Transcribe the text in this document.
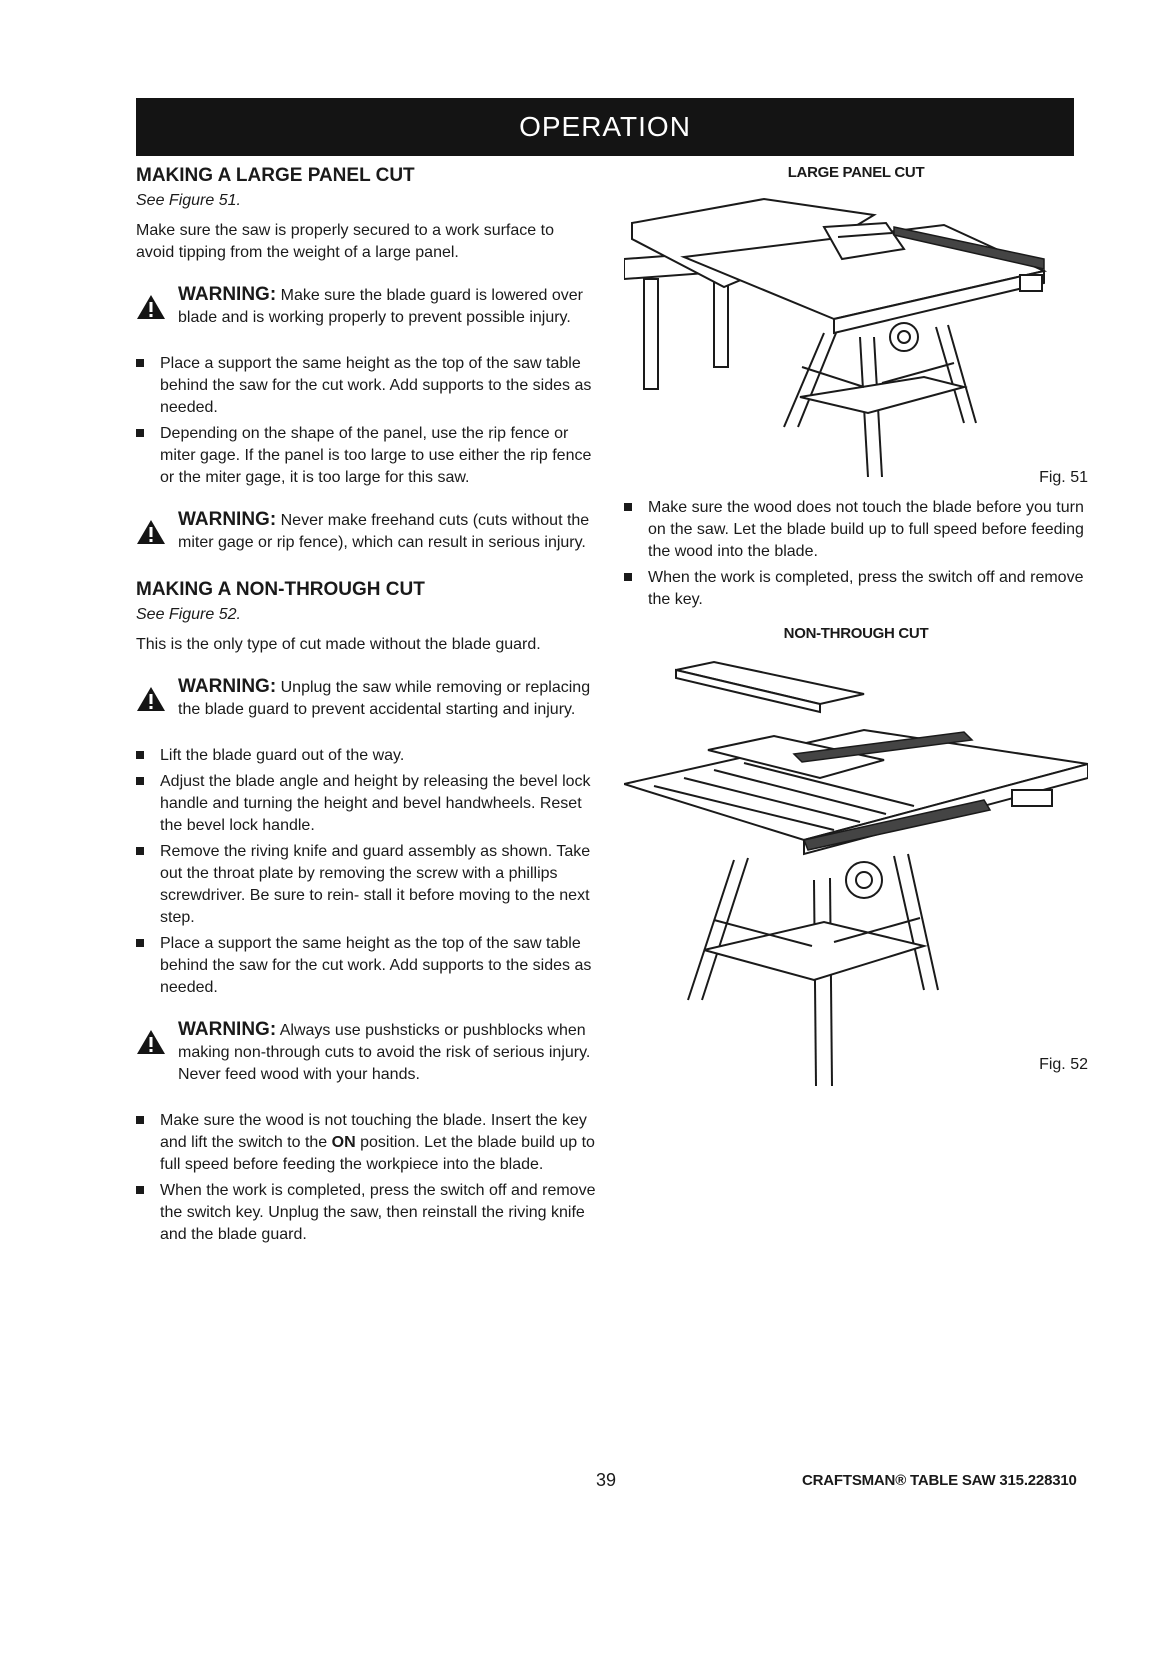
OPERATION
MAKING A LARGE PANEL CUT
See Figure 51.

Make sure the saw is properly secured to a work surface to avoid tipping from the weight of a large panel.

WARNING: Make sure the blade guard is lowered over blade and is working properly to prevent possible injury.
Place a support the same height as the top of the saw table behind the saw for the cut work. Add supports to the sides as needed.
Depending on the shape of the panel, use the rip fence or miter gage. If the panel is too large to use either the rip fence or the miter gage, it is too large for this saw.
WARNING: Never make freehand cuts (cuts without the miter gage or rip fence), which can result in serious injury.
MAKING A NON-THROUGH CUT
See Figure 52.

This is the only type of cut made without the blade guard.

WARNING: Unplug the saw while removing or replacing the blade guard to prevent accidental starting and injury.
Lift the blade guard out of the way.
Adjust the blade angle and height by releasing the bevel lock handle and turning the height and bevel handwheels. Reset the bevel lock handle.
Remove the riving knife and guard assembly as shown. Take out the throat plate by removing the screw with a phillips screwdriver. Be sure to rein- stall it before moving to the next step.
Place a support the same height as the top of the saw table behind the saw for the cut work. Add supports to the sides as needed.
WARNING: Always use pushsticks or pushblocks when making non-through cuts to avoid the risk of serious injury. Never feed wood with your hands.
Make sure the wood is not touching the blade. Insert the key and lift the switch to the ON position. Let the blade build up to full speed before feeding the workpiece into the blade.
When the work is completed, press the switch off and remove the switch key. Unplug the saw, then reinstall the riving knife and the blade guard.
LARGE PANEL CUT
Fig. 51
Make sure the wood does not touch the blade before you turn on the saw. Let the blade build up to full speed before feeding the wood into the blade.
When the work is completed, press the switch off and remove the key.
NON-THROUGH CUT
Fig. 52
39	CRAFTSMAN® TABLE SAW 315.228310
